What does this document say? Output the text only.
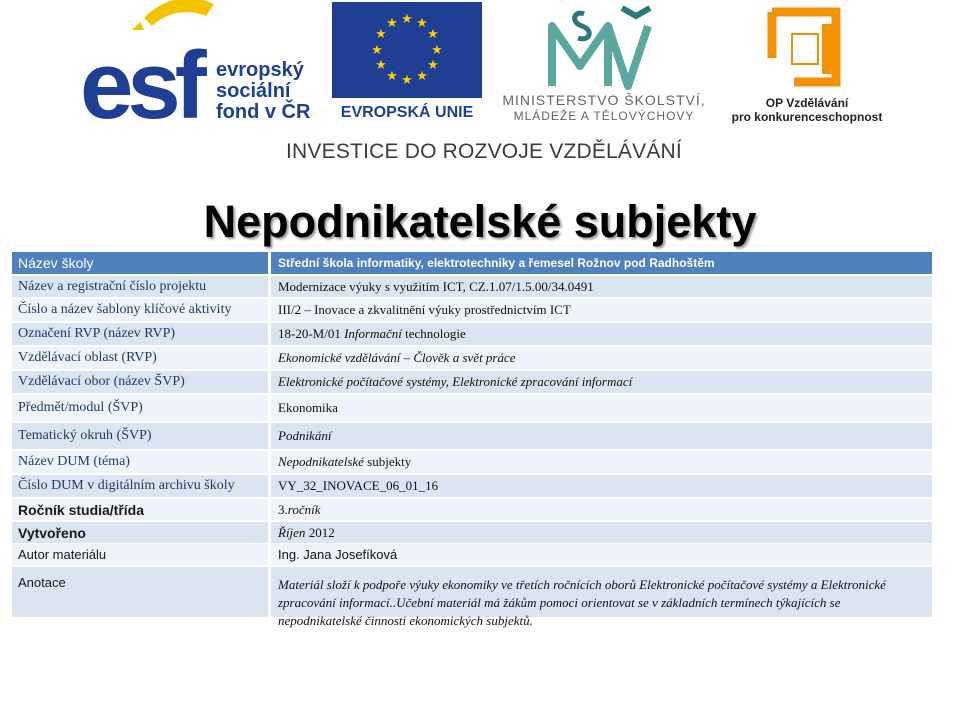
esf evropský
sociální
fond v ČR
★ ★
★
★
★
★
★
★
★
★
★
★
EVROPSKÁ UNIE
MINISTERSTVO ŠKOLSTVÍ,
MLÁDEŽE A TĚLOVÝCHOVY
OP Vzdělávání
pro konkurenceschopnost
INVESTICE DO ROZVOJE VZDĚLÁVÁNÍ
Nepodnikatelské subjekty
Název školy	Střední škola informatiky, elektrotechniky a řemesel Rožnov pod Radhoštěm
Název a registrační číslo projektu	Modernizace výuky s využitím ICT, CZ.1.07/1.5.00/34.0491
Číslo a název šablony klíčové aktivity	III/2 – Inovace a zkvalitnění výuky prostřednictvím ICT
Označení RVP (název RVP)	18-20-M/01 Informační technologie
Vzdělávací oblast (RVP)	Ekonomické vzdělávání – Člověk a svět práce
Vzdělávací obor (název ŠVP)	Elektronické počítačové systémy, Elektronické zpracování informací
Předmět/modul (ŠVP)	Ekonomika
Tematický okruh (ŠVP)	Podnikání
Název DUM (téma)	Nepodnikatelské subjekty
Číslo DUM v digitálním archivu školy	VY_32_INOVACE_06_01_16
Ročník studia/třída	3. ročník
Vytvořeno	Říjen 2012
Autor materiálu	Ing. Jana Josefíková
Anotace	Materiál složí k podpoře výuky ekonomiky ve třetích ročnících oborů Elektronické počítačové systémy a Elektronické zpracování informací..Učební materiál má žákům pomoci orientovat se v základních termínech týkajících se nepodnikatelské činnosti ekonomických subjektů.
